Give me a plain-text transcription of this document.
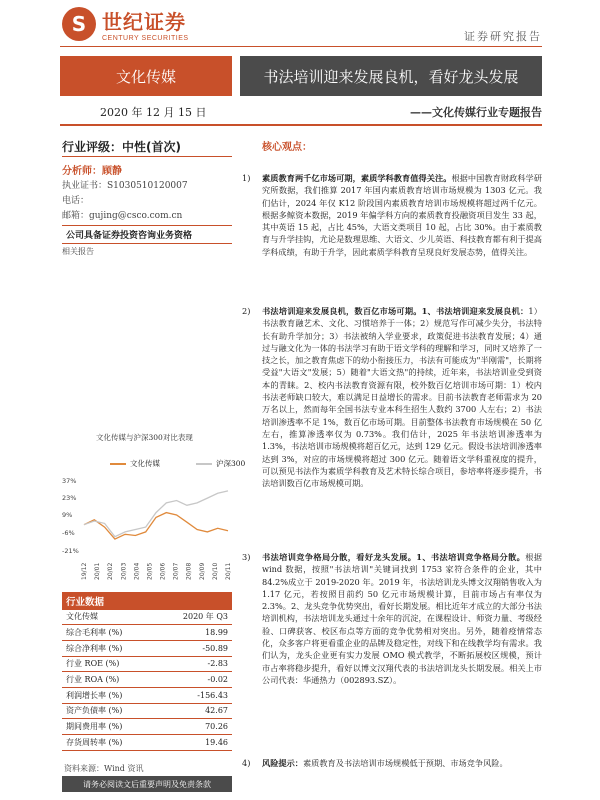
S 世纪证券
CENTURY SECURITIES	证券研究报告
文化传媒	书法培训迎来发展良机，看好龙头发展
2020 年 12 月 15 日	——文化传媒行业专题报告
行业评级：中性(首次)
分析师：顾静
执业证书：S1030510120007
电话：
邮箱：gujing@csco.com.cn
公司具备证券投资咨询业务资格
相关报告
文化传媒与沪深300对比表现
文化传媒	沪深300
37%
23%
9%
-6%
-21%
19/12 20/01 20/02 20/03 20/04 20/05 20/06 20/07 20/08 20/09 20/10 20/11
行业数据
文化传媒	2020 年 Q3
综合毛利率 (%)	18.99
综合净利率 (%)	-50.89
行业 ROE (%)	-2.83
行业 ROA (%)	-0.02
利润增长率 (%)	-156.43
资产负债率 (%)	42.67
期间费用率 (%)	70.26
存货周转率 (%)	19.46
资料来源：Wind 资讯
请务必阅读文后重要声明及免责条款
核心观点：
1) 素质教育两千亿市场可期，素质学科教育值得关注。根据中国教育财政科学研究所数据，我们推算 2017 年国内素质教育培训市场规模为 1303 亿元。我们估计，2024 年仅 K12 阶段国内素质教育培训市场规模将超过两千亿元。根据多鲸资本数据，2019 年偏学科方向的素质教育投融资项目发生 33 起，其中英语 15 起，占比 45%，大语文类项目 10 起，占比 30%。由于素质教育与升学挂钩，尤论是数理思维、大语文、少儿英语、科技教育都有利于提高学科成绩，有助于升学，因此素质学科教育呈现良好发展态势，值得关注。
2) 书法培训迎来发展良机，数百亿市场可期。1、书法培训迎来发展良机：1）书法教育融艺术、文化、习惯培养于一体；2）规范写作可减少失分，书法特长有助升学加分；3）书法被纳入学业要求，政策促进书法教育发展；4）通过与融文化为一体的书法学习有助于语文学科的理解和学习，同时又培养了一技之长，加之教育焦虑下的幼小衔接压力，书法有可能成为"半刚需"，长期将受益"大语文"发展；5）随着"大语文热"的持续，近年来，书法培训业受到资本的青睐。2、校内书法教育资源有限，校外数百亿培训市场可期：1）校内书法老师缺口较大，难以满足日益增长的需求。目前书法教育老师需求为 20 万名以上，然而每年全国书法专业本科生招生人数约 3700 人左右；2）书法培训渗透率不足 1%，数百亿市场可期。目前整体书法教育市场规模在 50 亿左右，推算渗透率仅为 0.73%。我们估计，2025 年书法培训渗透率为 1.3%，书法培训市场规模将超百亿元，达到 129 亿元。假设书法培训渗透率达到 3%，对应的市场规模将超过 300 亿元。随着语文学科重视度的提升，可以预见书法作为素质学科教育及艺术特长综合项目，参培率将逐步提升，书法培训数百亿市场规模可期。
3) 书法培训竞争格局分散，看好龙头发展。1、书法培训竞争格局分散。根据 wind 数据，按照"书法培训"关键词找到 1753 家符合条件的企业，其中 84.2%成立于 2019-2020 年。2019 年，书法培训龙头博文汉翔销售收入为 1.17 亿元，若按照目前约 50 亿元市场规模计算，目前市场占有率仅为 2.3%。2、龙头竞争优势突出，看好长期发展。相比近年才成立的大部分书法培训机构，书法培训龙头通过十余年的沉淀，在课程设计、师资力量、考级经验、口碑获客、校区布点等方面的竞争优势相对突出。另外，随着疫情常态化，众多客户将更看重企业的品牌及稳定性，对线下和在线教学均有需求。我们认为，龙头企业更有实力发展 OMO 模式教学，不断拓展校区规模，预计市占率将稳步提升，看好以博文汉翔代表的书法培训龙头长期发展。相关上市公司代表：华通热力（002893.SZ）。
4) 风险提示：素质教育及书法培训市场规模低于预期、市场竞争风险。
